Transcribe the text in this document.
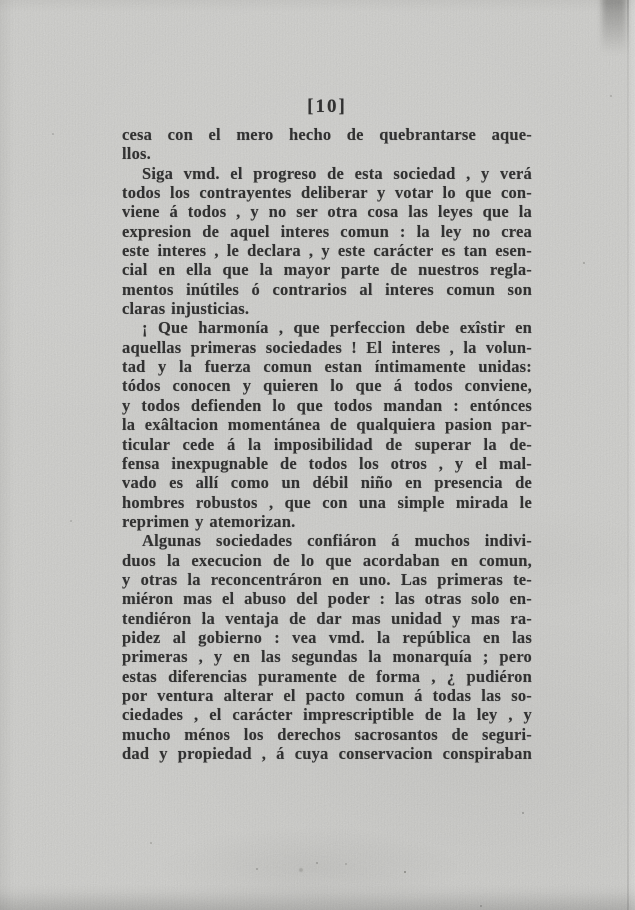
[10]
cesa con el mero hecho de quebrantarse aque-
llos.
Siga vmd. el progreso de esta sociedad , y verá
todos los contrayentes deliberar y votar lo que con-
viene á todos , y no ser otra cosa las leyes que la
expresion de aquel interes comun : la ley no crea
este interes , le declara , y este carácter es tan esen-
cial en ella que la mayor parte de nuestros regla-
mentos inútiles ó contrarios al interes comun son
claras injusticias.
¡ Que harmonía , que perfeccion debe exîstir en
aquellas primeras sociedades ! El interes , la volun-
tad y la fuerza comun estan íntimamente unidas:
tódos conocen y quieren lo que á todos conviene,
y todos defienden lo que todos mandan : entónces
la exâltacion momentánea de qualquiera pasion par-
ticular cede á la imposibilidad de superar la de-
fensa inexpugnable de todos los otros , y el mal-
vado es allí como un débil niño en presencia de
hombres robustos , que con una simple mirada le
reprimen y atemorizan.
Algunas sociedades confiáron á muchos indivi-
duos la execucion de lo que acordaban en comun,
y otras la reconcentráron en uno. Las primeras te-
miéron mas el abuso del poder : las otras solo en-
tendiéron la ventaja de dar mas unidad y mas ra-
pidez al gobierno : vea vmd. la república en las
primeras , y en las segundas la monarquía ; pero
estas diferencias puramente de forma , ¿ pudiéron
por ventura alterar el pacto comun á todas las so-
ciedades , el carácter imprescriptible de la ley , y
mucho ménos los derechos sacrosantos de seguri-
dad y propiedad , á cuya conservacion conspiraban
